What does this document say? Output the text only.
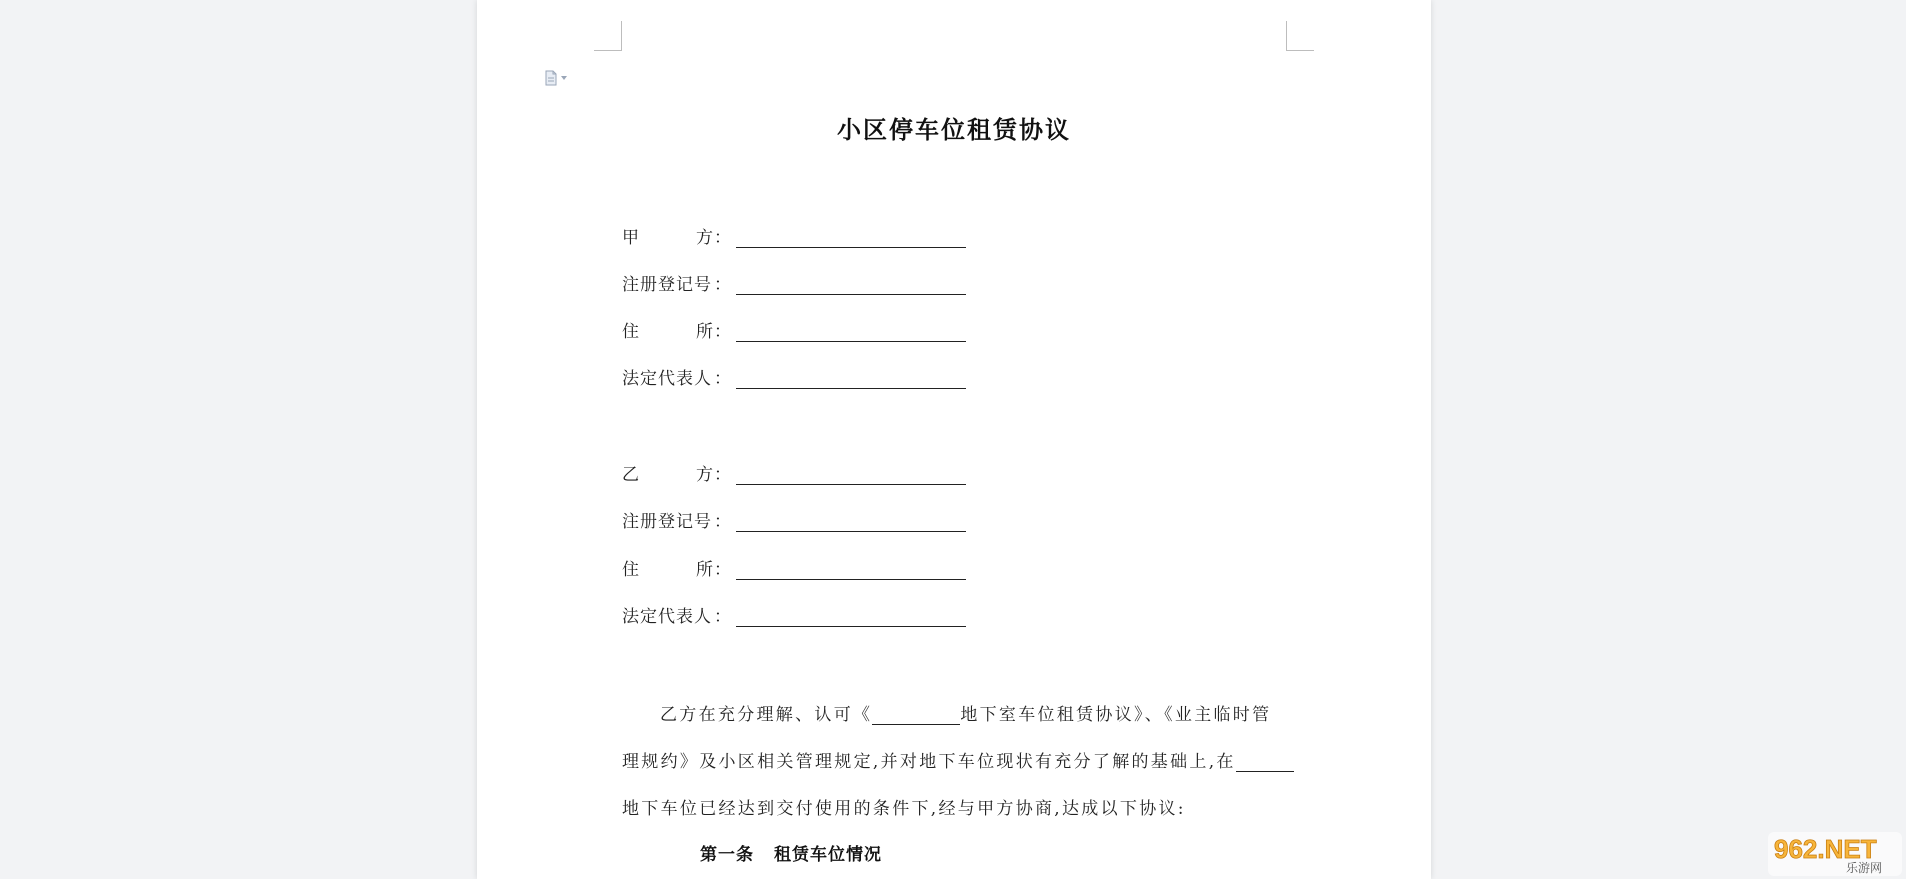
小区停车位租赁协议
甲	方 ：
注册登记号 ：
住	所 ：
法定代表人 ：
乙	方 ：
注册登记号 ：
住	所 ：
法定代表人 ：
乙方在充分理解、认可《	地下室车位租赁协议》、《业主临时管
理规约》及小区相关管理规定,并对地下车位现状有充分了解的基础上,在
地下车位已经达到交付使用的条件下,经与甲方协商,达成以下协议:
第一条 租赁车位情况	962.NET
乐游网
